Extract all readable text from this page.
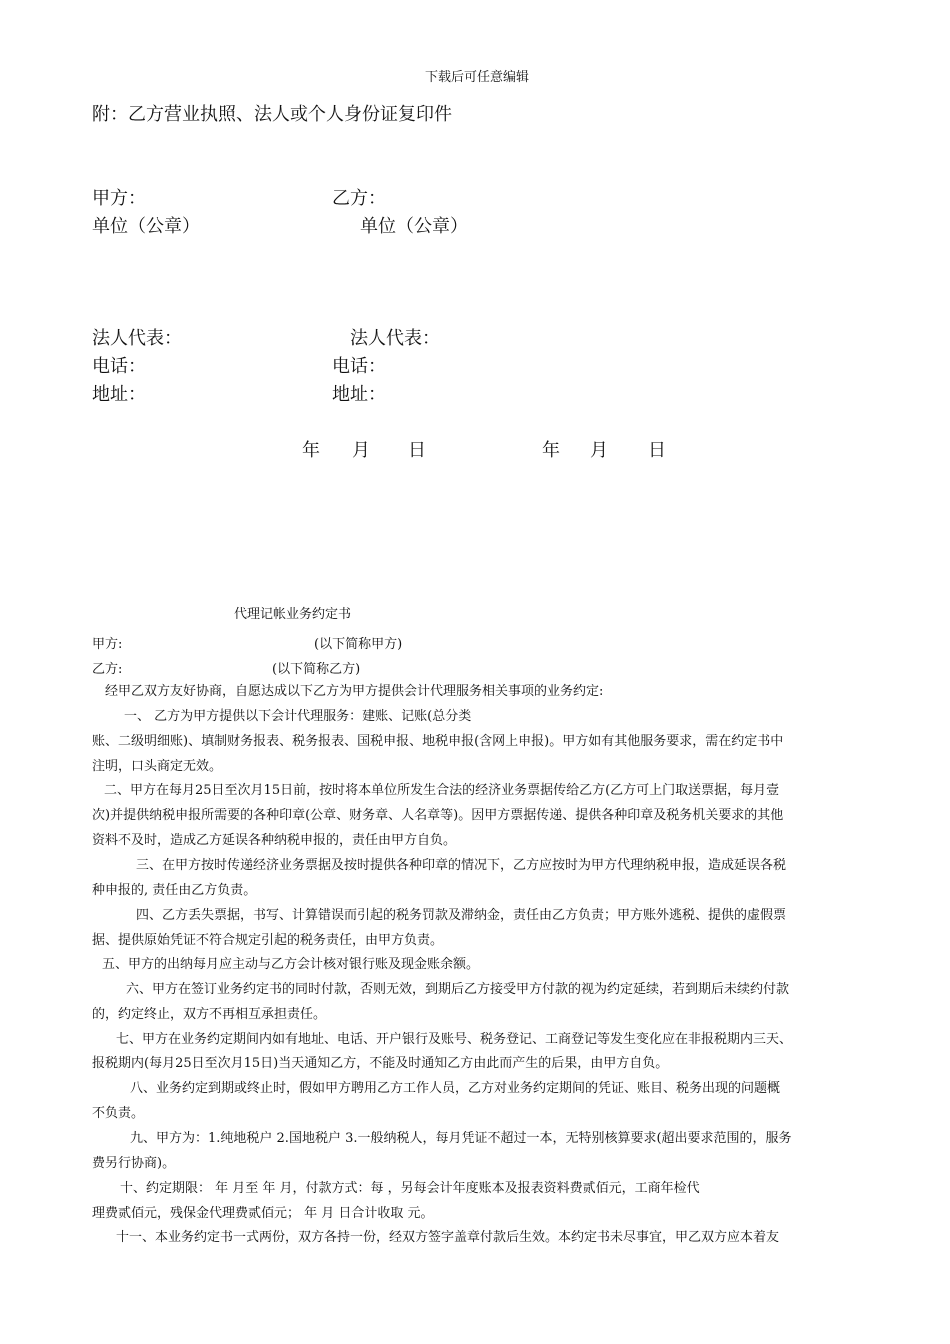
下载后可任意编辑
附：乙方营业执照、法人或个人身份证复印件
甲方：	乙方：
单位（公章）	单位（公章）
法人代表：	法人代表：
电话：	电话：
地址：	地址：
年 月 日	年 月 日
代理记帐业务约定书
甲方:	(以下简称甲方)
乙方:	(以下简称乙方)
经甲乙双方友好协商，自愿达成以下乙方为甲方提供会计代理服务相关事项的业务约定:
一、 乙方为甲方提供以下会计代理服务：建账、记账(总分类
账、二级明细账)、填制财务报表、税务报表、国税申报、地税申报(含网上申报)。甲方如有其他服务要求，需在约定书中
注明，口头商定无效。
二、甲方在每月25日至次月15日前，按时将本单位所发生合法的经济业务票据传给乙方(乙方可上门取送票据，每月壹
次)并提供纳税申报所需要的各种印章(公章、财务章、人名章等)。因甲方票据传递、提供各种印章及税务机关要求的其他
资料不及时，造成乙方延误各种纳税申报的，责任由甲方自负。
三、在甲方按时传递经济业务票据及按时提供各种印章的情况下，乙方应按时为甲方代理纳税申报，造成延误各税
种申报的, 责任由乙方负责。
四、乙方丢失票据，书写、计算错误而引起的税务罚款及滞纳金，责任由乙方负责；甲方账外逃税、提供的虚假票
据、提供原始凭证不符合规定引起的税务责任，由甲方负责。
五、甲方的出纳每月应主动与乙方会计核对银行账及现金账余额。
六、甲方在签订业务约定书的同时付款，否则无效，到期后乙方接受甲方付款的视为约定延续，若到期后未续约付款
的，约定终止，双方不再相互承担责任。
七、甲方在业务约定期间内如有地址、电话、开户银行及账号、税务登记、工商登记等发生变化应在非报税期内三天、
报税期内(每月25日至次月15日)当天通知乙方，不能及时通知乙方由此而产生的后果，由甲方自负。
八、业务约定到期或终止时，假如甲方聘用乙方工作人员，乙方对业务约定期间的凭证、账目、税务出现的问题概
不负责。
九、甲方为：1.纯地税户 2.国地税户 3.一般纳税人，每月凭证不超过一本，无特别核算要求(超出要求范围的，服务
费另行协商)。
十、约定期限： 年 月至 年 月，付款方式：每 ，另每会计年度账本及报表资料费贰佰元，工商年检代
理费贰佰元，残保金代理费贰佰元； 年 月 日合计收取 元。
十一、本业务约定书一式两份，双方各持一份，经双方签字盖章付款后生效。本约定书未尽事宜，甲乙双方应本着友
